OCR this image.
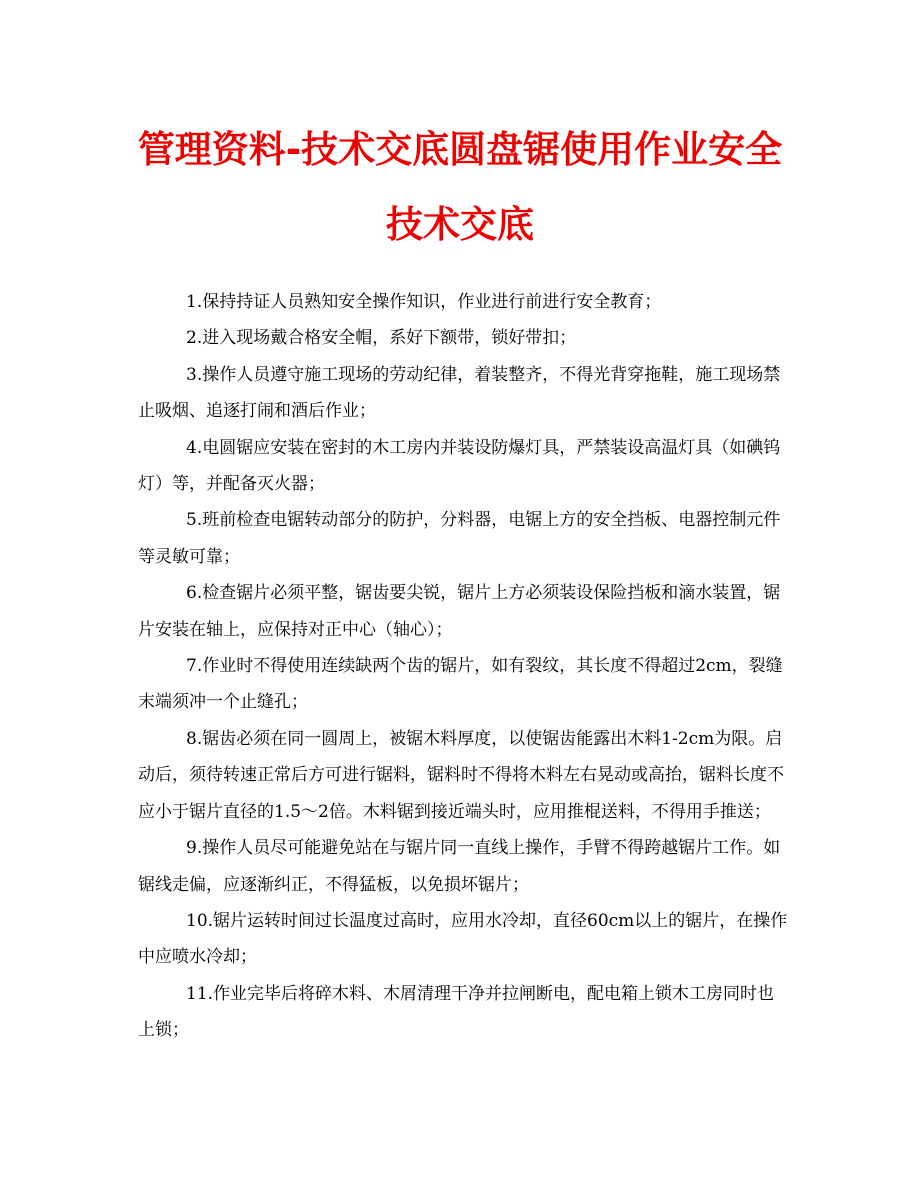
管理资料-技术交底圆盘锯使用作业安全技术交底

1.保持持证人员熟知安全操作知识，作业进行前进行安全教育；

2.进入现场戴合格安全帽，系好下额带，锁好带扣；

3.操作人员遵守施工现场的劳动纪律，着装整齐，不得光背穿拖鞋，施工现场禁止吸烟、追逐打闹和酒后作业；

4.电圆锯应安装在密封的木工房内并装设防爆灯具，严禁装设高温灯具（如碘钨灯）等，并配备灭火器；

5.班前检查电锯转动部分的防护，分料器，电锯上方的安全挡板、电器控制元件等灵敏可靠；

6.检查锯片必须平整，锯齿要尖锐，锯片上方必须装设保险挡板和滴水装置，锯片安装在轴上，应保持对正中心（轴心）；

7.作业时不得使用连续缺两个齿的锯片，如有裂纹，其长度不得超过2cm，裂缝末端须冲一个止缝孔；

8.锯齿必须在同一圆周上，被锯木料厚度，以使锯齿能露出木料1-2cm为限。启动后，须待转速正常后方可进行锯料，锯料时不得将木料左右晃动或高抬，锯料长度不应小于锯片直径的1.5～2倍。木料锯到接近端头时，应用推棍送料，不得用手推送；

9.操作人员尽可能避免站在与锯片同一直线上操作，手臂不得跨越锯片工作。如锯线走偏，应逐渐纠正，不得猛板，以免损坏锯片；

10.锯片运转时间过长温度过高时，应用水冷却，直径60cm以上的锯片，在操作中应喷水冷却；

11.作业完毕后将碎木料、木屑清理干净并拉闸断电，配电箱上锁木工房同时也上锁；
